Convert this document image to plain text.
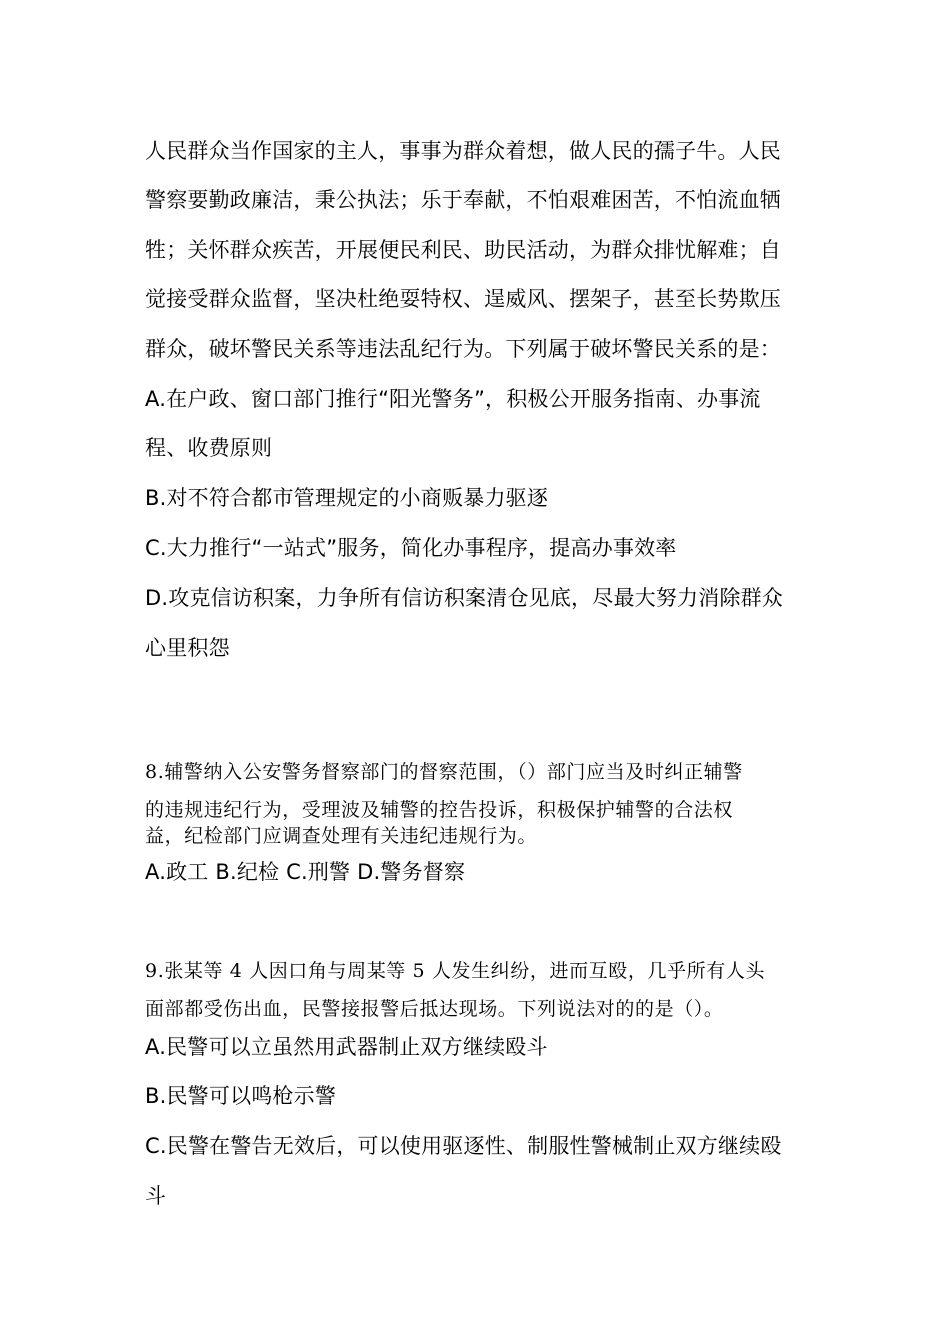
人民群众当作国家的主人，事事为群众着想，做人民的孺子牛。人民
警察要勤政廉洁，秉公执法；乐于奉献，不怕艰难困苦，不怕流血牺
牲；关怀群众疾苦，开展便民利民、助民活动，为群众排忧解难；自
觉接受群众监督，坚决杜绝耍特权、逞威风、摆架子，甚至长势欺压
群众，破坏警民关系等违法乱纪行为。下列属于破坏警民关系的是：
A.在户政、窗口部门推行“阳光警务”，积极公开服务指南、办事流
程、收费原则
B.对不符合都市管理规定的小商贩暴力驱逐
C.大力推行“一站式”服务，简化办事程序，提高办事效率
D.攻克信访积案，力争所有信访积案清仓见底，尽最大努力消除群众
心里积怨
8.辅警纳入公安警务督察部门的督察范围，（）部门应当及时纠正辅警
的违规违纪行为，受理波及辅警的控告投诉，积极保护辅警的合法权
益，纪检部门应调查处理有关违纪违规行为。
A.政工 B.纪检 C.刑警 D.警务督察
9.张某等 4 人因口角与周某等 5 人发生纠纷，进而互殴，几乎所有人头
面部都受伤出血，民警接报警后抵达现场。下列说法对的的是（）。
A.民警可以立虽然用武器制止双方继续殴斗
B.民警可以鸣枪示警
C.民警在警告无效后，可以使用驱逐性、制服性警械制止双方继续殴
斗
